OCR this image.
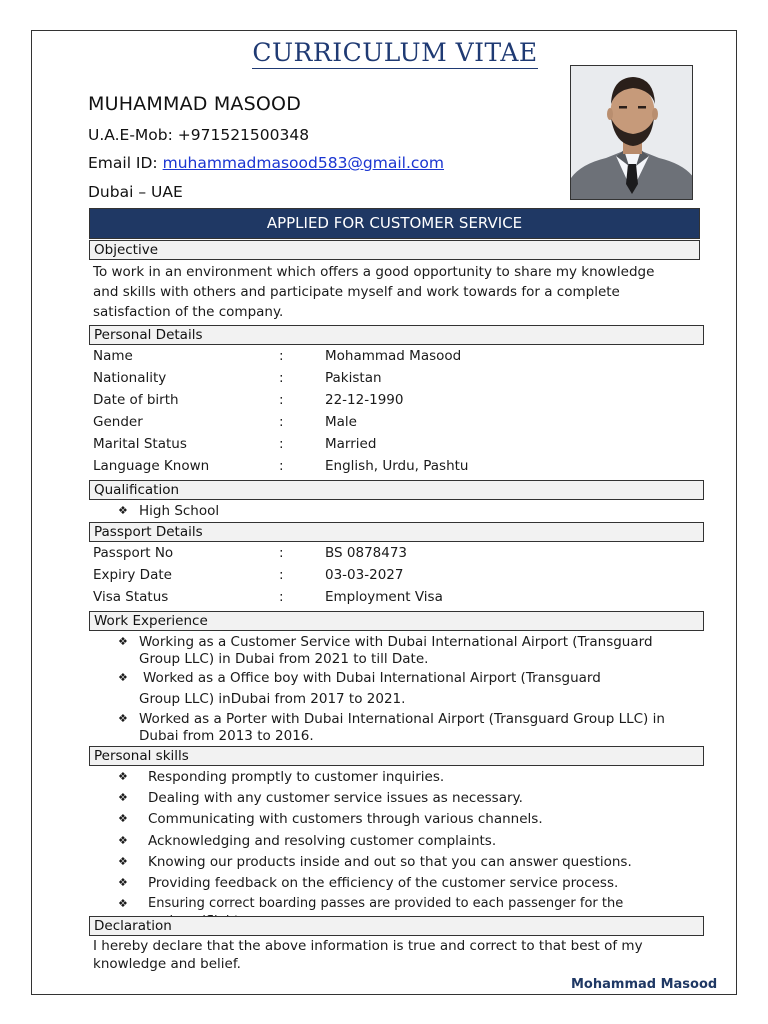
CURRICULUM VITAE
MUHAMMAD MASOOD
U.A.E-Mob: +971521500348
Email ID: muhammadmasood583@gmail.com
Dubai – UAE
APPLIED FOR CUSTOMER SERVICE
Objective
To work in an environment which offers a good opportunity to share my knowledge
and skills with others and participate myself and work towards for a complete
satisfaction of the company.
Personal Details
Name	:	Mohammad Masood
Nationality	:	Pakistan
Date of birth	:	22-12-1990
Gender	:	Male
Marital Status	:	Married
Language Known	:	English, Urdu, Pashtu
Qualification
❖ High School
Passport Details
Passport No	:	BS 0878473
Expiry Date	:	03-03-2027
Visa Status	:	Employment Visa
Work Experience
❖ Working as a Customer Service with Dubai International Airport (Transguard
Group LLC) in Dubai from 2021 to till Date.
❖ Worked as a Office boy with Dubai International Airport (Transguard
Group LLC) inDubai from 2017 to 2021.
❖ Worked as a Porter with Dubai International Airport (Transguard Group LLC) in
Dubai from 2013 to 2016.
Personal skills
❖ Responding promptly to customer inquiries.
❖ Dealing with any customer service issues as necessary.
❖ Communicating with customers through various channels.
❖ Acknowledging and resolving customer complaints.
❖ Knowing our products inside and out so that you can answer questions.
❖ Providing feedback on the efficiency of the customer service process.
❖ Ensuring correct boarding passes are provided to each passenger for the
Declaration
I hereby declare that the above information is true and correct to that best of my
knowledge and belief.
Mohammad Masood
